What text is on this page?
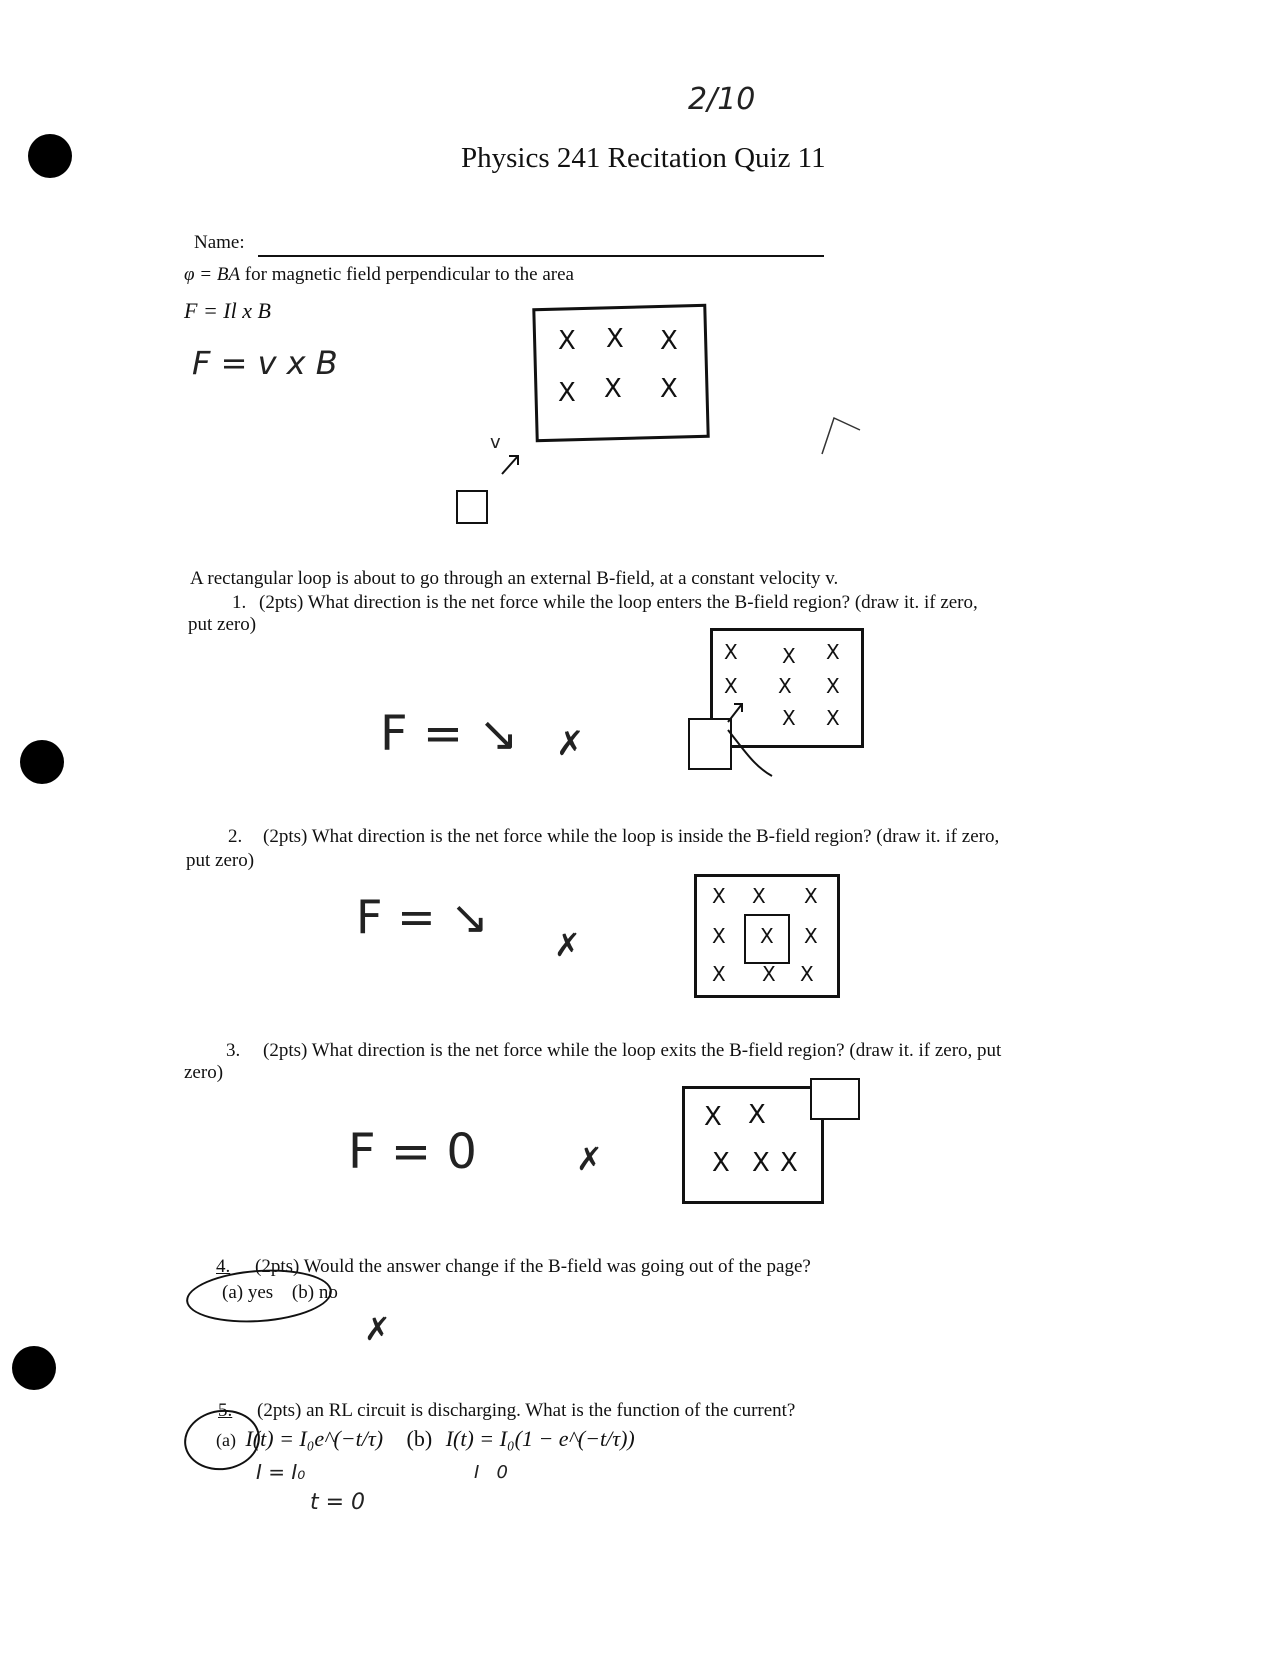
2/10
Physics 241 Recitation Quiz 11
Name:
φ = BA for magnetic field perpendicular to the area
F = Il x B
F = v x B
X X X
X X X
v
A rectangular loop is about to go through an external B-field, at a constant velocity v.
1. (2pts) What direction is the net force while the loop enters the B-field region? (draw it. if zero,
put zero)
F = ↘ ✗
X X X
X X X
X X
2. (2pts) What direction is the net force while the loop is inside the B-field region? (draw it. if zero,
put zero)
F = ↘
✗
X X X
X X X
X X X
3. (2pts) What direction is the net force while the loop exits the B-field region? (draw it. if zero, put
zero)
F = 0	✗
X X
X X X
4. (2pts) Would the answer change if the B-field was going out of the page?
(a) yes (b) no
✗
5. (2pts) an RL circuit is discharging. What is the function of the current?
(a) I(t) = I₀e^(−t/τ) (b) I(t) = I₀(1 − e^(−t/τ))
I = I₀	I   0
t = 0
